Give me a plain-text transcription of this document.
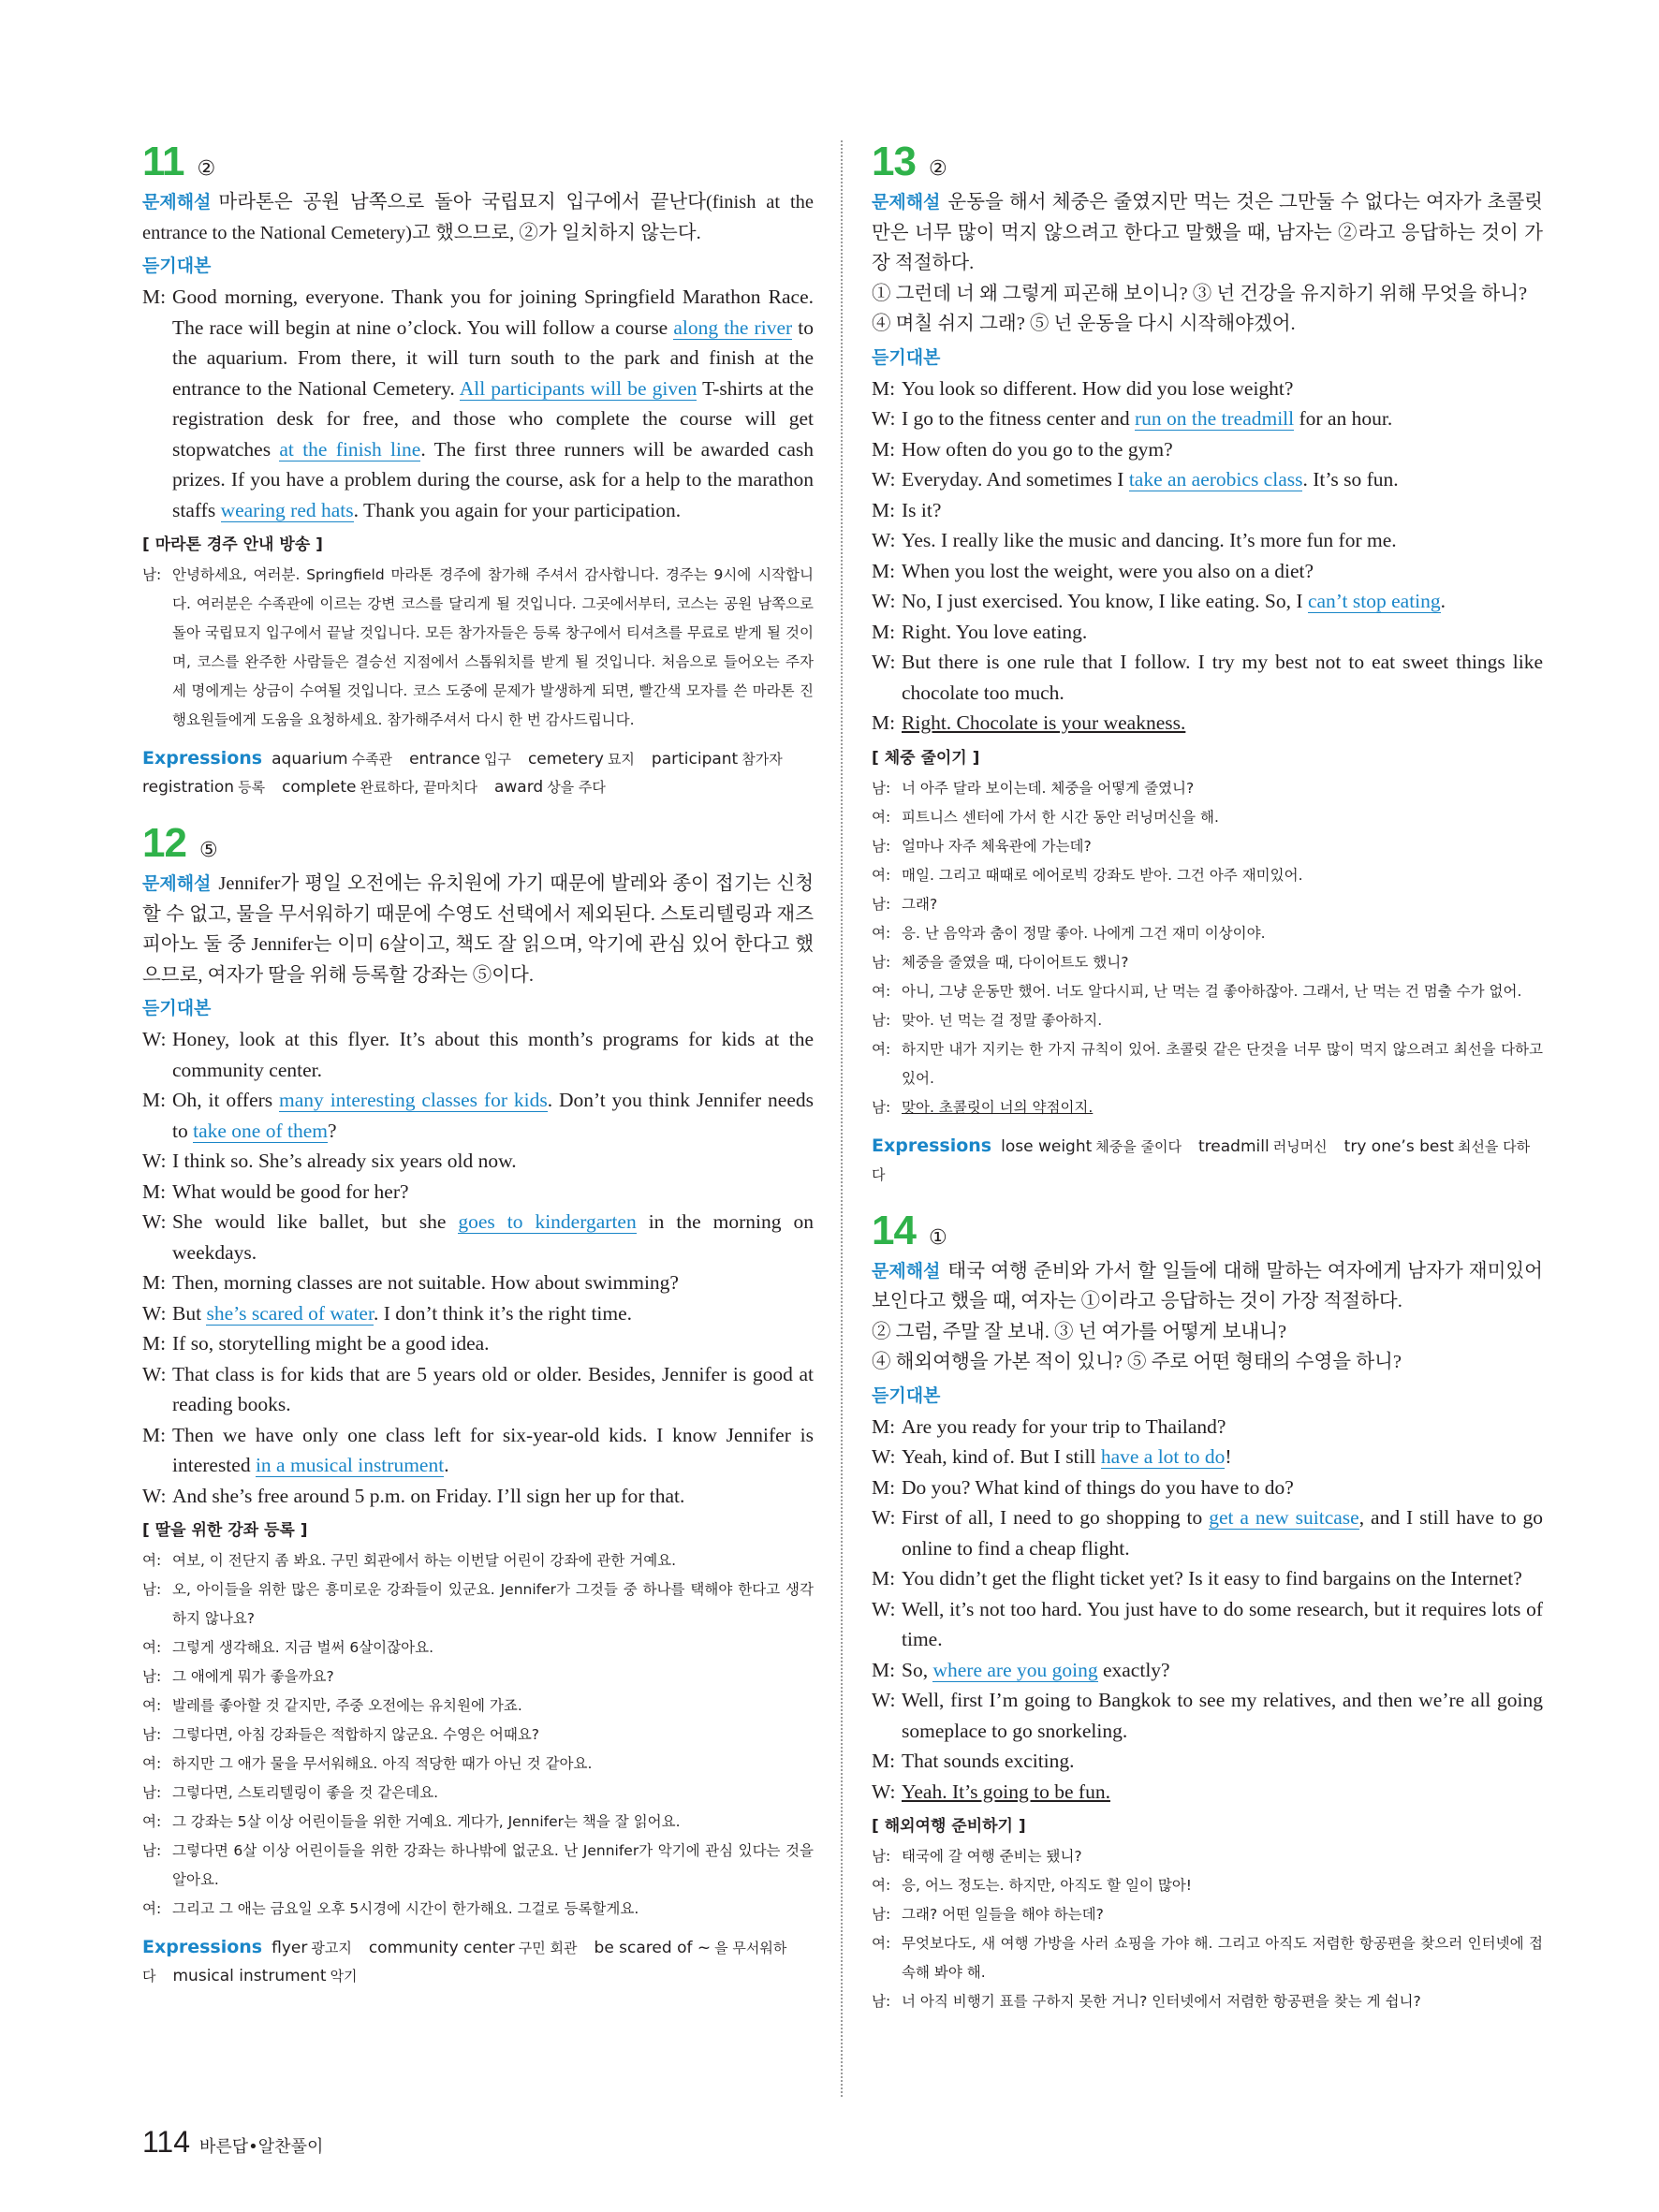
11 ②

문제해설 마라톤은 공원 남쪽으로 돌아 국립묘지 입구에서 끝난다(finish at the entrance to the National Cemetery)고 했으므로, ②가 일치하지 않는다.

듣기대본
M: Good morning, everyone. Thank you for joining Springfield Marathon Race. The race will begin at nine o’clock. You will follow a course along the river to the aquarium. From there, it will turn south to the park and finish at the entrance to the National Cemetery. All participants will be given T-shirts at the registration desk for free, and those who complete the course will get stopwatches at the finish line. The first three runners will be awarded cash prizes. If you have a problem during the course, ask for a help to the marathon staffs wearing red hats. Thank you again for your participation.
[ 마라톤 경주 안내 방송 ]
남: 안녕하세요, 여러분. Springfield 마라톤 경주에 참가해 주셔서 감사합니다. 경주는 9시에 시작합니다. 여러분은 수족관에 이르는 강변 코스를 달리게 될 것입니다. 그곳에서부터, 코스는 공원 남쪽으로 돌아 국립묘지 입구에서 끝날 것입니다. 모든 참가자들은 등록 창구에서 티셔츠를 무료로 받게 될 것이며, 코스를 완주한 사람들은 결승선 지점에서 스톱워치를 받게 될 것입니다. 처음으로 들어오는 주자 세 명에게는 상금이 수여될 것입니다. 코스 도중에 문제가 발생하게 되면, 빨간색 모자를 쓴 마라톤 진행요원들에게 도움을 요청하세요. 참가해주셔서 다시 한 번 감사드립니다.

Expressions aquarium 수족관 entrance 입구 cemetery 묘지 participant 참가자registration 등록 complete 완료하다, 끝마치다 award 상을 주다

12 ⑤

문제해설 Jennifer가 평일 오전에는 유치원에 가기 때문에 발레와 종이 접기는 신청할 수 없고, 물을 무서워하기 때문에 수영도 선택에서 제외된다. 스토리텔링과 재즈피아노 둘 중 Jennifer는 이미 6살이고, 책도 잘 읽으며, 악기에 관심 있어 한다고 했으므로, 여자가 딸을 위해 등록할 강좌는 ⑤이다.

듣기대본
W: Honey, look at this flyer. It’s about this month’s programs for kids at the community center.
M: Oh, it offers many interesting classes for kids. Don’t you think Jennifer needs to take one of them?
W: I think so. She’s already six years old now.
M: What would be good for her?
W: She would like ballet, but she goes to kindergarten in the morning on weekdays.
M: Then, morning classes are not suitable. How about swimming?
W: But she’s scared of water. I don’t think it’s the right time.
M: If so, storytelling might be a good idea.
W: That class is for kids that are 5 years old or older. Besides, Jennifer is good at reading books.
M: Then we have only one class left for six-year-old kids. I know Jennifer is interested in a musical instrument.
W: And she’s free around 5 p.m. on Friday. I’ll sign her up for that.
[ 딸을 위한 강좌 등록 ]
여: 여보, 이 전단지 좀 봐요. 구민 회관에서 하는 이번달 어린이 강좌에 관한 거예요.
남: 오, 아이들을 위한 많은 흥미로운 강좌들이 있군요. Jennifer가 그것들 중 하나를 택해야 한다고 생각하지 않나요?
여: 그렇게 생각해요. 지금 벌써 6살이잖아요.
남: 그 애에게 뭐가 좋을까요?
여: 발레를 좋아할 것 같지만, 주중 오전에는 유치원에 가죠.
남: 그렇다면, 아침 강좌들은 적합하지 않군요. 수영은 어때요?
여: 하지만 그 애가 물을 무서워해요. 아직 적당한 때가 아닌 것 같아요.
남: 그렇다면, 스토리텔링이 좋을 것 같은데요.
여: 그 강좌는 5살 이상 어린이들을 위한 거예요. 게다가, Jennifer는 책을 잘 읽어요.
남: 그렇다면 6살 이상 어린이들을 위한 강좌는 하나밖에 없군요. 난 Jennifer가 악기에 관심 있다는 것을 알아요.
여: 그리고 그 애는 금요일 오후 5시경에 시간이 한가해요. 그걸로 등록할게요.

Expressions flyer 광고지 community center 구민 회관 be scared of ~ 을 무서워하다 musical instrument 악기

13 ②

문제해설 운동을 해서 체중은 줄였지만 먹는 것은 그만둘 수 없다는 여자가 초콜릿만은 너무 많이 먹지 않으려고 한다고 말했을 때, 남자는 ②라고 응답하는 것이 가장 적절하다.

① 그런데 너 왜 그렇게 피곤해 보이니? ③ 넌 건강을 유지하기 위해 무엇을 하니?

④ 며칠 쉬지 그래? ⑤ 넌 운동을 다시 시작해야겠어.

듣기대본
M: You look so different. How did you lose weight?
W: I go to the fitness center and run on the treadmill for an hour.
M: How often do you go to the gym?
W: Everyday. And sometimes I take an aerobics class. It’s so fun.
M: Is it?
W: Yes. I really like the music and dancing. It’s more fun for me.
M: When you lost the weight, were you also on a diet?
W: No, I just exercised. You know, I like eating. So, I can’t stop eating.
M: Right. You love eating.
W: But there is one rule that I follow. I try my best not to eat sweet things like chocolate too much.
M: Right. Chocolate is your weakness.
[ 체중 줄이기 ]
남: 너 아주 달라 보이는데. 체중을 어떻게 줄였니?
여: 피트니스 센터에 가서 한 시간 동안 러닝머신을 해.
남: 얼마나 자주 체육관에 가는데?
여: 매일. 그리고 때때로 에어로빅 강좌도 받아. 그건 아주 재미있어.
남: 그래?
여: 응. 난 음악과 춤이 정말 좋아. 나에게 그건 재미 이상이야.
남: 체중을 줄였을 때, 다이어트도 했니?
여: 아니, 그냥 운동만 했어. 너도 알다시피, 난 먹는 걸 좋아하잖아. 그래서, 난 먹는 건 멈출 수가 없어.
남: 맞아. 넌 먹는 걸 정말 좋아하지.
여: 하지만 내가 지키는 한 가지 규칙이 있어. 초콜릿 같은 단것을 너무 많이 먹지 않으려고 최선을 다하고 있어.
남: 맞아. 초콜릿이 너의 약점이지.

Expressions lose weight 체중을 줄이다 treadmill 러닝머신 try one’s best 최선을 다하다

14 ①

문제해설 태국 여행 준비와 가서 할 일들에 대해 말하는 여자에게 남자가 재미있어 보인다고 했을 때, 여자는 ①이라고 응답하는 것이 가장 적절하다.

② 그럼, 주말 잘 보내. ③ 넌 여가를 어떻게 보내니?

④ 해외여행을 가본 적이 있니? ⑤ 주로 어떤 형태의 수영을 하니?

듣기대본
M: Are you ready for your trip to Thailand?
W: Yeah, kind of. But I still have a lot to do!
M: Do you? What kind of things do you have to do?
W: First of all, I need to go shopping to get a new suitcase, and I still have to go online to find a cheap flight.
M: You didn’t get the flight ticket yet? Is it easy to find bargains on the Internet?
W: Well, it’s not too hard. You just have to do some research, but it requires lots of time.
M: So, where are you going exactly?
W: Well, first I’m going to Bangkok to see my relatives, and then we’re all going someplace to go snorkeling.
M: That sounds exciting.
W: Yeah. It’s going to be fun.
[ 해외여행 준비하기 ]
남: 태국에 갈 여행 준비는 됐니?
여: 응, 어느 정도는. 하지만, 아직도 할 일이 많아!
남: 그래? 어떤 일들을 해야 하는데?
여: 무엇보다도, 새 여행 가방을 사러 쇼핑을 가야 해. 그리고 아직도 저렴한 항공편을 찾으러 인터넷에 접속해 봐야 해.
남: 너 아직 비행기 표를 구하지 못한 거니? 인터넷에서 저렴한 항공편을 찾는 게 쉽니?
114 바른답•알찬풀이
